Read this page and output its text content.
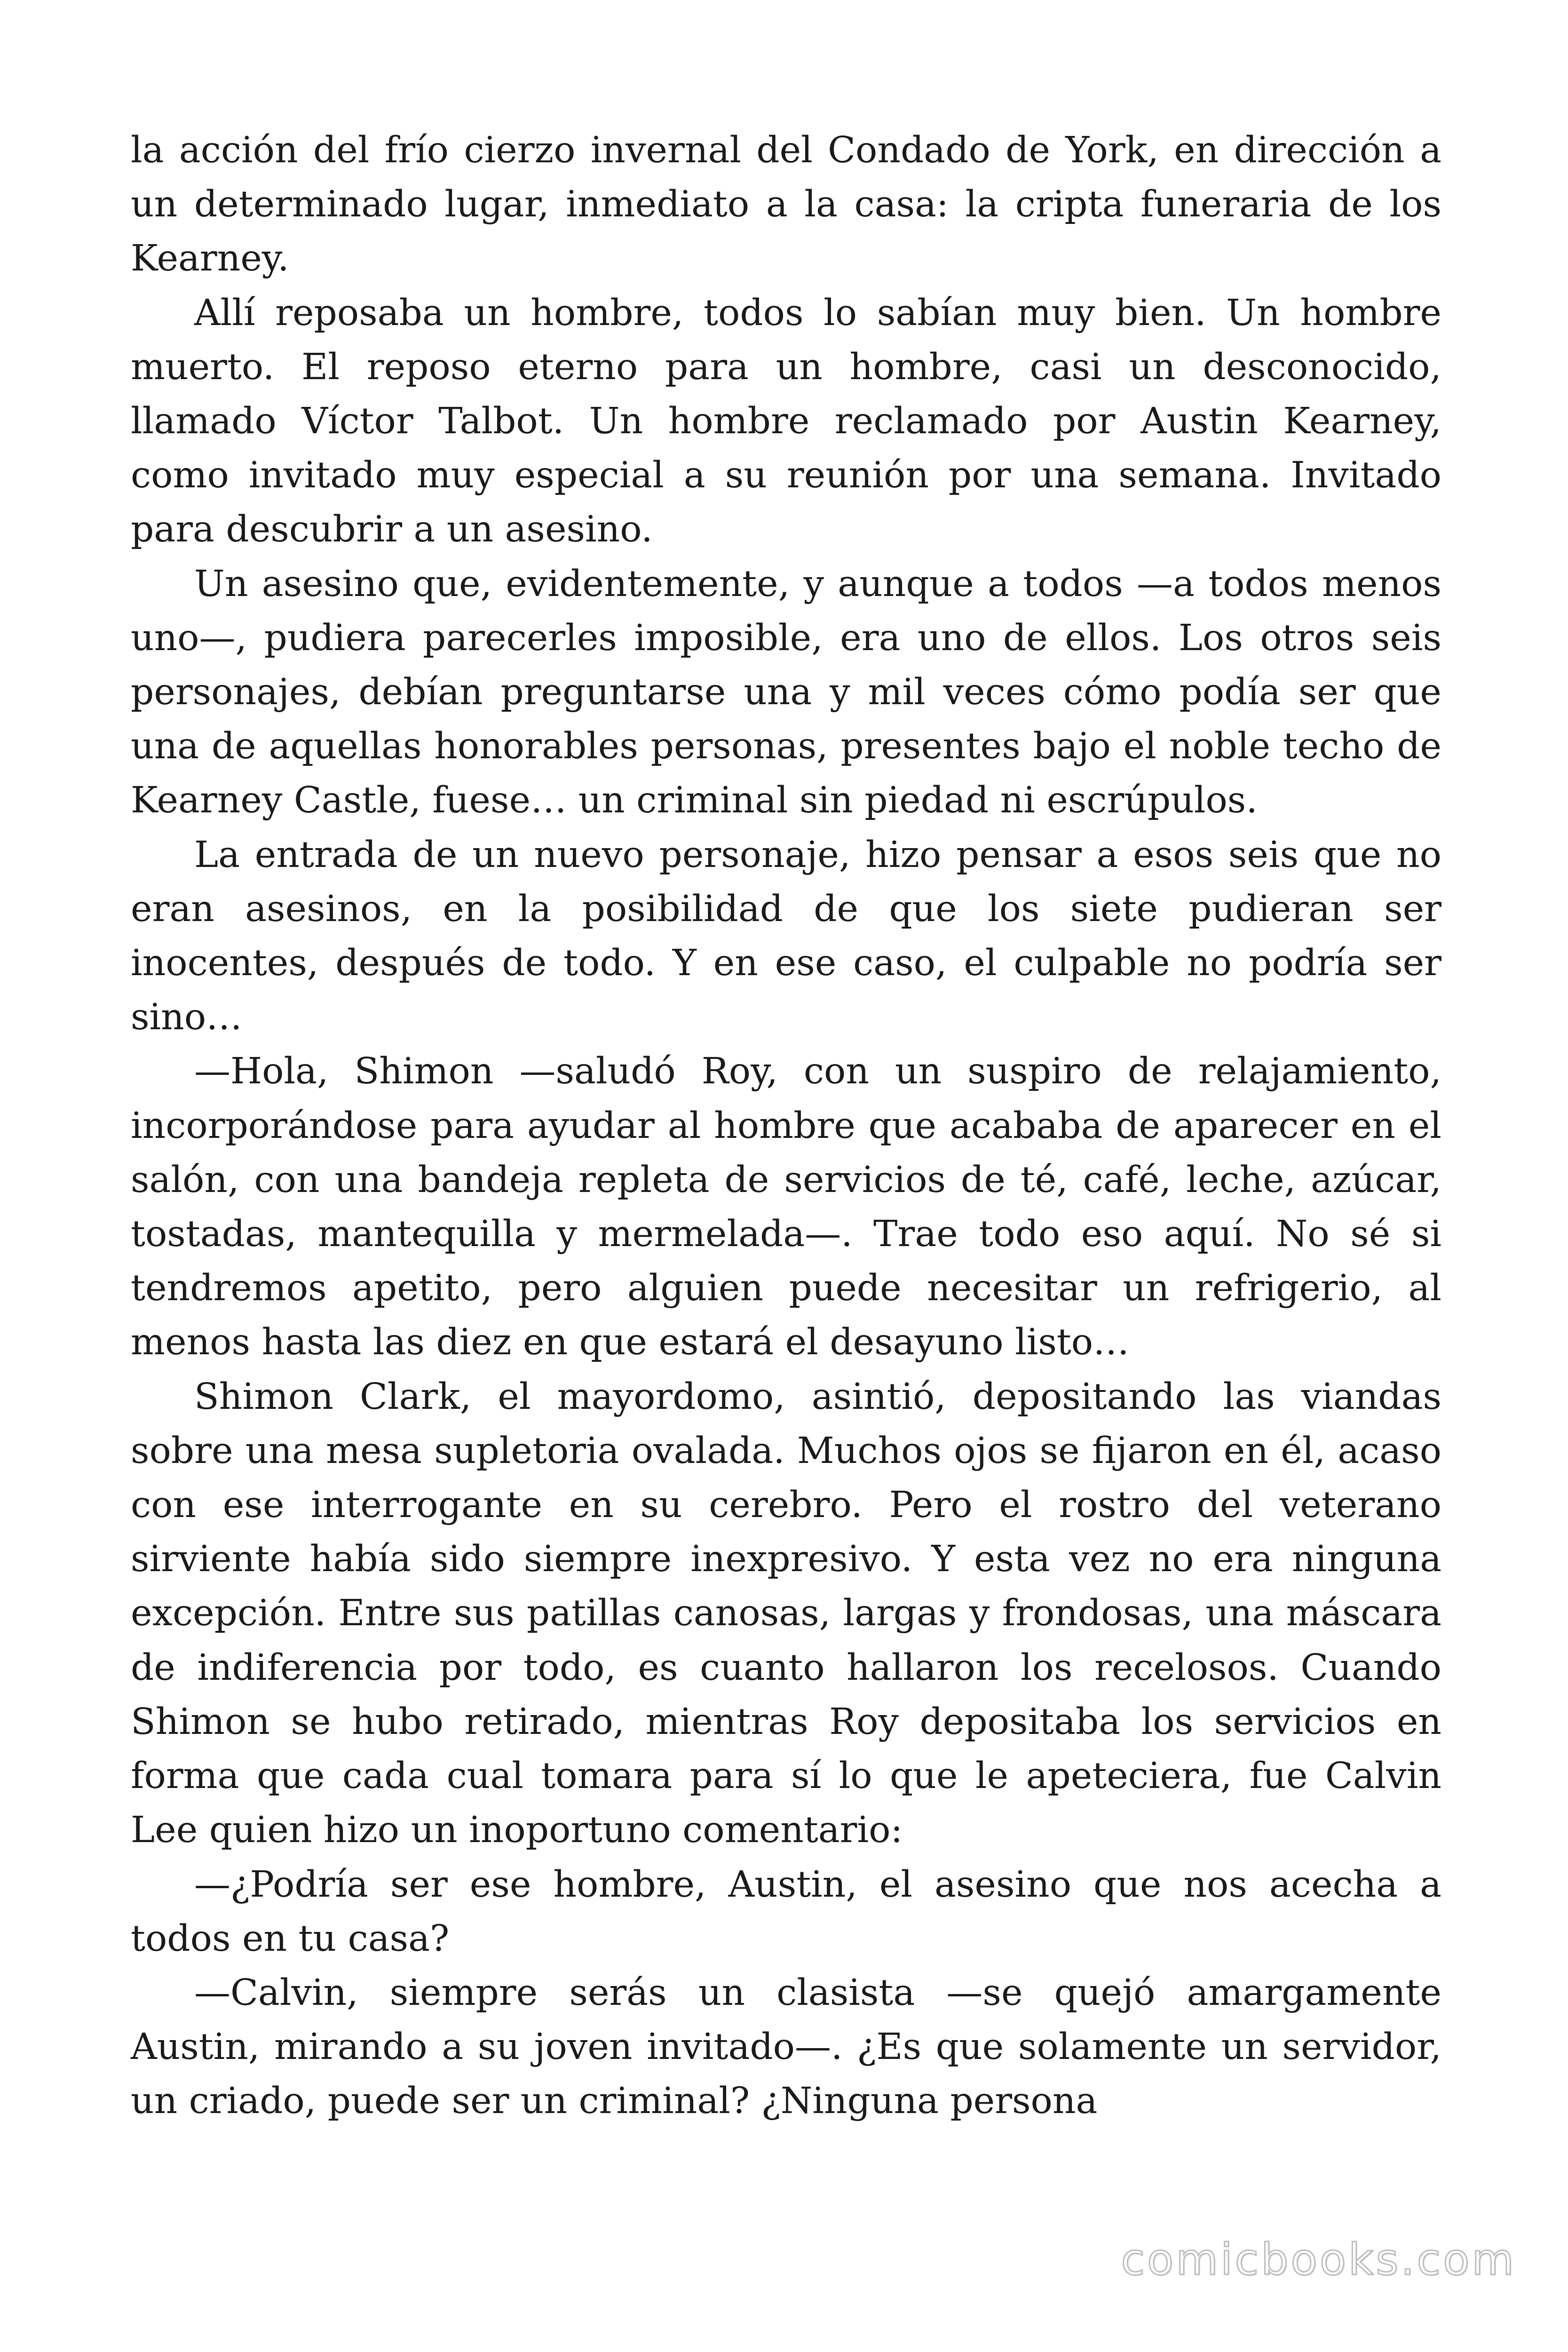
la acción del frío cierzo invernal del Condado de York, en dirección a un determinado lugar, inmediato a la casa: la cripta funeraria de los Kearney.

Allí reposaba un hombre, todos lo sabían muy bien. Un hombre muerto. El reposo eterno para un hombre, casi un desconocido, llamado Víctor Talbot. Un hombre reclamado por Austin Kearney, como invitado muy especial a su reunión por una semana. Invitado para descubrir a un asesino.

Un asesino que, evidentemente, y aunque a todos —a todos menos uno—, pudiera parecerles imposible, era uno de ellos. Los otros seis personajes, debían preguntarse una y mil veces cómo podía ser que una de aquellas honorables personas, presentes bajo el noble techo de Kearney Castle, fuese… un criminal sin piedad ni escrúpulos.

La entrada de un nuevo personaje, hizo pensar a esos seis que no eran asesinos, en la posibilidad de que los siete pudieran ser inocentes, después de todo. Y en ese caso, el culpable no podría ser sino…

—Hola, Shimon —saludó Roy, con un suspiro de relajamiento, incorporándose para ayudar al hombre que acababa de aparecer en el salón, con una bandeja repleta de servicios de té, café, leche, azúcar, tostadas, mantequilla y mermelada—. Trae todo eso aquí. No sé si tendremos apetito, pero alguien puede necesitar un refrigerio, al menos hasta las diez en que estará el desayuno listo…

Shimon Clark, el mayordomo, asintió, depositando las viandas sobre una mesa supletoria ovalada. Muchos ojos se fijaron en él, acaso con ese interrogante en su cerebro. Pero el rostro del veterano sirviente había sido siempre inexpresivo. Y esta vez no era ninguna excepción. Entre sus patillas canosas, largas y frondosas, una máscara de indiferencia por todo, es cuanto hallaron los recelosos. Cuando Shimon se hubo retirado, mientras Roy depositaba los servicios en forma que cada cual tomara para sí lo que le apeteciera, fue Calvin Lee quien hizo un inoportuno comentario:

—¿Podría ser ese hombre, Austin, el asesino que nos acecha a todos en tu casa?

—Calvin, siempre serás un clasista —se quejó amargamente Austin, mirando a su joven invitado—. ¿Es que solamente un servidor, un criado, puede ser un criminal? ¿Ninguna persona

comicbooks.com
